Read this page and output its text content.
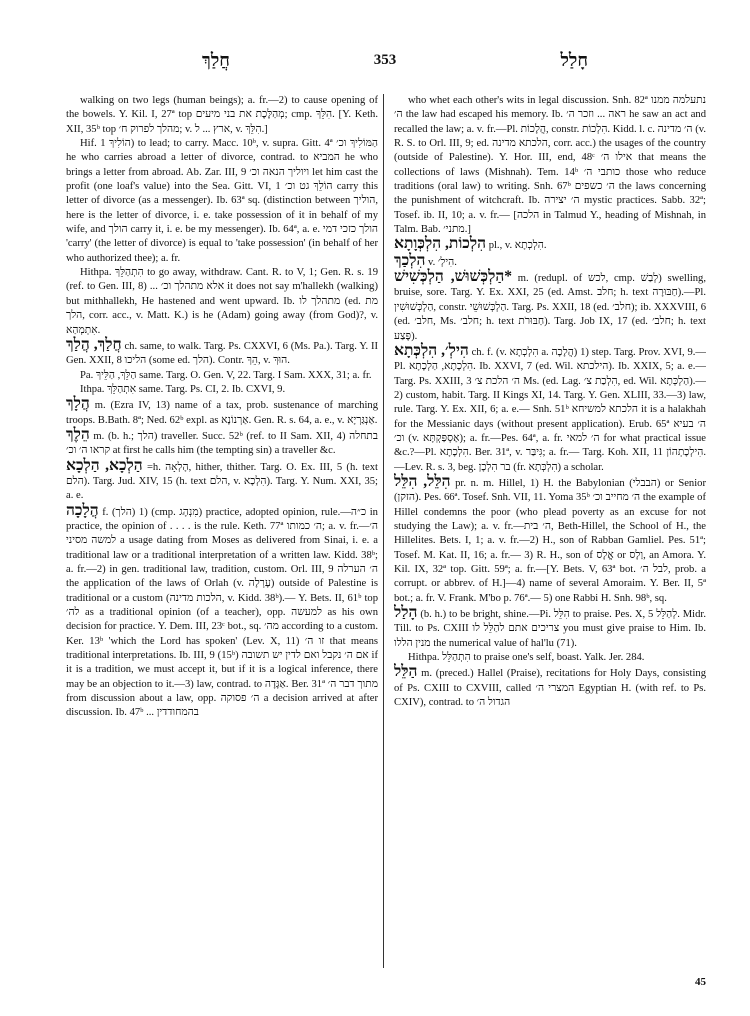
חֲלַךְ	353	חָלַל

walking on two legs (human beings); a. fr.—2) to cause opening of the bowels. Y. Kil. I, 27ª top מְהַלֶּכֶת את בני מיעים; cmp. הִלֵּךְ. [Y. Keth. XII, 35ᵇ top מהלך לפרוק ח׳; v. ארץ ... ל, v. הִלֵּךְ.]

Hif. הוֹלִיךְ 1) to lead; to carry. Macc. 10ᵇ, v. supra. Gitt. 4ª הַמּוֹלִיךְ וכ׳ he who carries abroad a letter of divorce, contrad. to המביא he who brings a letter from abroad. Ab. Zar. III, 9 ויוליך הנאה וכ׳ let him cast the profit (one loaf's value) into the Sea. Gitt. VI, 1 הוֹלֵךְ גט וכ׳ carry this letter of divorce (as a messenger). Ib. 63ª sq. (distinction between הוליך, here is the letter of divorce, i. e. take possession of it in behalf of my wife, and הולך carry it, i. e. be my messenger). Ib. 64ª, a. e. הולך כזכי דמי 'carry' (the letter of divorce) is equal to 'take possession' (in behalf of her who authorized thee); a. fr.

Hithpa. הִתְהַלֵּךְ to go away, withdraw. Cant. R. to V, 1; Gen. R. s. 19 (ref. to Gen. III, 8) ... אלא מתהלך וכ׳ it does not say m'hallekh (walking) but mithhallekh, He hastened and went upward. Ib. מתהלך לו (ed. מת הלך, corr. acc., v. Matt. K.) is he (Adam) going away (from God)?, v. אִתְמְהַא.

חֲלַךְ, הֲלַךְ ch. same, to walk. Targ. Ps. CXXVI, 6 (Ms. Pa.). Targ. Y. II Gen. XXII, 8 הליכו (some ed. הלך). Contr. הֵךְ, v. הוּךְ.

Pa. הַלֵּךְ, הַלֵּיךְ same. Targ. O. Gen. V, 22. Targ. I Sam. XXX, 31; a. fr.

Ithpa. אִתְהַלֵּךְ same. Targ. Ps. CI, 2. Ib. CXVI, 9.

הֲלָךְ m. (Ezra IV, 13) name of a tax, prob. sustenance of marching troops. B.Bath. 8ª; Ned. 62ᵇ expl. as אַרְנוֹנָא. Gen. R. s. 64, a. e., v. אַנְגַּרְיָא.

הֵלֶךְ m. (b. h.; הלך) traveller. Succ. 52ᵇ (ref. to II Sam. XII, 4) בתחלה קראו ה׳ וכ׳ at first he calls him (the tempting sin) a traveller &c.

הַלְכָא, הַלְכָא =h. הָלְאָה, hither, thither. Targ. O. Ex. III, 5 (h. text הלם). Targ. Jud. XIV, 15 (h. text הלם, v. הִלְכָא). Targ. Y. Num. XXI, 35; a. e.

הֲלָכָה f. (הלך) 1) (cmp. מִנְהָג) practice, adopted opinion, rule.—כ״ה in practice, the opinion of . . . . is the rule. Keth. 77ª ה׳ כמותו; a. v. fr.—ה׳ למשה מסיני a usage dating from Moses as delivered from Sinai, i. e. a traditional law or a traditional interpretation of a written law. Kidd. 38ᵇ; a. fr.—2) in gen. traditional law, tradition, custom. Orl. III, 9 ה׳ הערלה the application of the laws of Orlah (v. עָרְלָה) outside of Palestine is traditional or a custom (הלכות מדינה, v. Kidd. 38ᵇ).— Y. Bets. II, 61ᵇ top לה׳ as a traditional opinion (of a teacher), opp. למעשה as his own decision for practice. Y. Dem. III, 23ᶜ bot., sq. מה׳ according to a custom. Ker. 13ᵇ 'which the Lord has spoken' (Lev. X, 11) זו ה׳ that means traditional interpretations. Ib. III, 9 (15ᵇ) אם ה׳ נקבל ואם לדין יש תשובה if it is a tradition, we must accept it, but if it is a logical inference, there may be an objection to it.—3) law, contrad. to אַגָּדָה. Ber. 31ª מתוך דבר ה׳ from discussion about a law, opp. ה׳ פסוקה a decision arrived at after discussion. Ib. 47ᵇ ... בהמחודדין

who whet each other's wits in legal discussion. Snh. 82ª נתעלמה ממנו ה׳ the law had escaped his memory. Ib. ראה ... וזכר ה׳ he saw an act and recalled the law; a. v. fr.—Pl. הֲלָכוֹת, constr. הִלְכוֹת. Kidd. l. c. ה׳ מדינה (v. R. S. to Orl. III, 9; ed. הלכתא מדינה, corr. acc.) the usages of the country (outside of Palestine). Y. Hor. III, end, 48ᶜ אילו ה׳ that means the collections of laws (Mishnah). Tem. 14ᵇ כותבי ה׳ those who reduce traditions (oral law) to writing. Snh. 67ᵇ ה׳ כשפים the laws concerning the punishment of witchcraft. Ib. ה׳ יצירה mystic practices. Sabb. 32ª; Tosef. ib. II, 10; a. v. fr.— [הלכה in Talmud Y., heading of Mishnah, in Talm. Bab. מתני׳.]

הִלְכוֹת, הִלְכְּוָתָא pl., v. הִלְכְתָא.

הִלְכַךְ v. הִילְ׳.

*הַלְכְּשׁוּשׁ, הַלְכְּשִׁישׁ m. (redupl. of לכש, cmp. לְבַשׁ) swelling, bruise, sore. Targ. Y. Ex. XXI, 25 (ed. Amst. חלב; h. text חַבּוּרָה).—Pl. הַלְכְּשׁוּשִׁין, constr. הַלְכְּשׁוּשֵׁי. Targ. Ps. XXII, 18 (ed. חלב׳); ib. XXXVIII, 6 (ed. חלב׳, Ms. חלב׳; h. text חַבּוּרֹת). Targ. Job IX, 17 (ed. חלב׳; h. text פֶּצַע).

הִילְ׳, הִלְכְּתָא ch. f. (v. הִלְכְתָא a. הֲלָכָה) 1) step. Targ. Prov. XVI, 9.—Pl. הִלְכָתָא, הַלְכָתָא. Ib. XXVI, 7 (ed. Wil. הילכתא). Ib. XXIX, 5; a. e.—Targ. Ps. XXIII, 3 ה׳ הלכת צ׳ Ms. (ed. Lag. הִלְכַת צ׳, ed. Wil. הַלְכְּתָא).— 2) custom, habit. Targ. II Kings XI, 14. Targ. Y. Gen. XLIII, 33.—3) law, rule. Targ. Y. Ex. XII, 6; a. e.— Snh. 51ᵇ הלכתא למשיחא it is a halakhah for the Messianic days (without present application). Erub. 65ª ה׳ בעיא וכ׳ (v. אַסְפַּקְתָּא); a. fr.—Pes. 64ª, a. fr. ה׳ למאי for what practical issue &c.?—Pl. הִלְכָתָא. Ber. 31ª, v. גִּיבַּר; a. fr.— Targ. Koh. XII, 11 הִילְכָתְהוֹן.—Lev. R. s. 3, beg. בר הִלְכָן (fr. הִלְכְּתָא) a scholar.

הִלֵּל, הִלֵּל pr. n. m. Hillel, 1) H. the Babylonian (הבבלי) or Senior (הזקן). Pes. 66ª. Tosef. Snh. VII, 11. Yoma 35ᵇ ה׳ מחייב וכ׳ the example of Hillel condemns the poor (who plead poverty as an excuse for not studying the Law); a. v. fr.—ה׳ בית, Beth-Hillel, the School of H., the Hillelites. Bets. I, 1; a. v. fr.—2) H., son of Rabban Gamliel. Pes. 51ª; Tosef. M. Kat. II, 16; a. fr.— 3) R. H., son of אֱלָס or וַלָס, an Amora. Y. Kil. IX, 32ª top. Gitt. 59ª; a. fr.—[Y. Bets. V, 63ª bot. לבל ה׳, prob. a corrupt. or abbrev. of H.]—4) name of several Amoraim. Y. Ber. II, 5ª bot.; a. fr. V. Frank. M'bo p. 76ª.— 5) one Rabbi H. Snh. 98ᵇ, sq.

הָלַל (b. h.) to be bright, shine.—Pi. הִלֵּל to praise. Pes. X, 5 לְהַלֵּל. Midr. Till. to Ps. CXIII צריכים אתם להַלֵּל לו you must give praise to Him. Ib. מנין הללו the numerical value of hal'lu (71).

Hithpa. הִתְהַלֵּל to praise one's self, boast. Yalk. Jer. 284.

הַלֵּל m. (preced.) Hallel (Praise), recitations for Holy Days, consisting of Ps. CXIII to CXVIII, called המצרי ה׳ Egyptian H. (with ref. to Ps. CXIV), contrad. to הגדול ה׳

45
